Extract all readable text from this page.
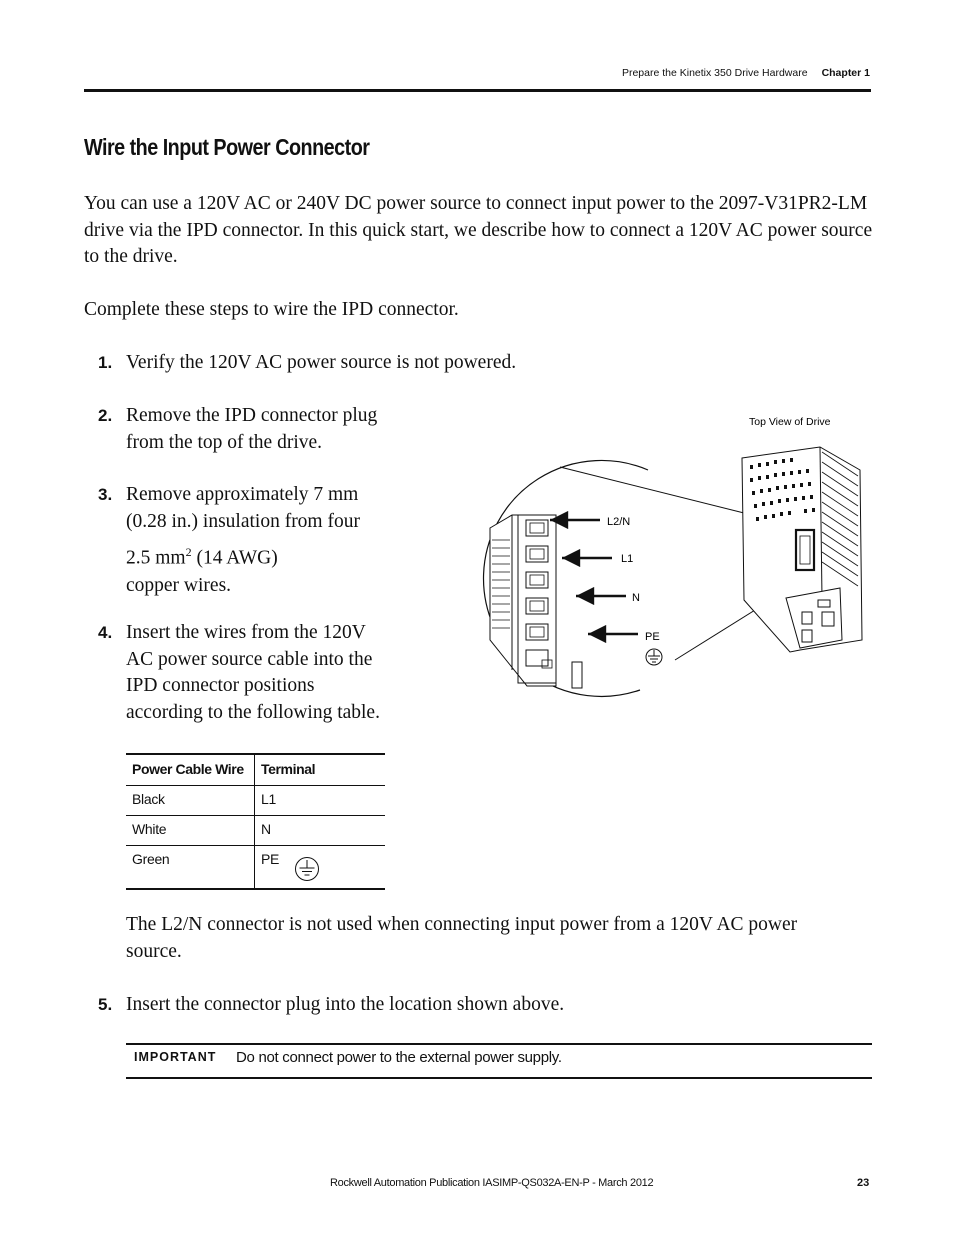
Prepare the Kinetix 350 Drive Hardware Chapter 1
Wire the Input Power Connector
You can use a 120V AC or 240V DC power source to connect input power to the 2097-V31PR2-LM drive via the IPD connector. In this quick start, we describe how to connect a 120V AC power source to the drive.
Complete these steps to wire the IPD connector.
1. Verify the 120V AC power source is not powered.
2. Remove the IPD connector plug
from the top of the drive.
3. Remove approximately 7 mm
(0.28 in.) insulation from four
2.5 $mm^2$ (14 AWG)
copper wires.
4. Insert the wires from the 120V
AC power source cable into the
IPD connector positions
according to the following table.
Top View of Drive
L2/N
L1
N
PE
Power Cable Wire	Terminal
Black	L1
White	N
Green	PE
The L2/N connector is not used when connecting input power from a 120V AC power source.
5. Insert the connector plug into the location shown above.
IMPORTANT Do not connect power to the external power supply.
Rockwell Automation Publication IASIMP-QS032A-EN-P - March 2012	23
